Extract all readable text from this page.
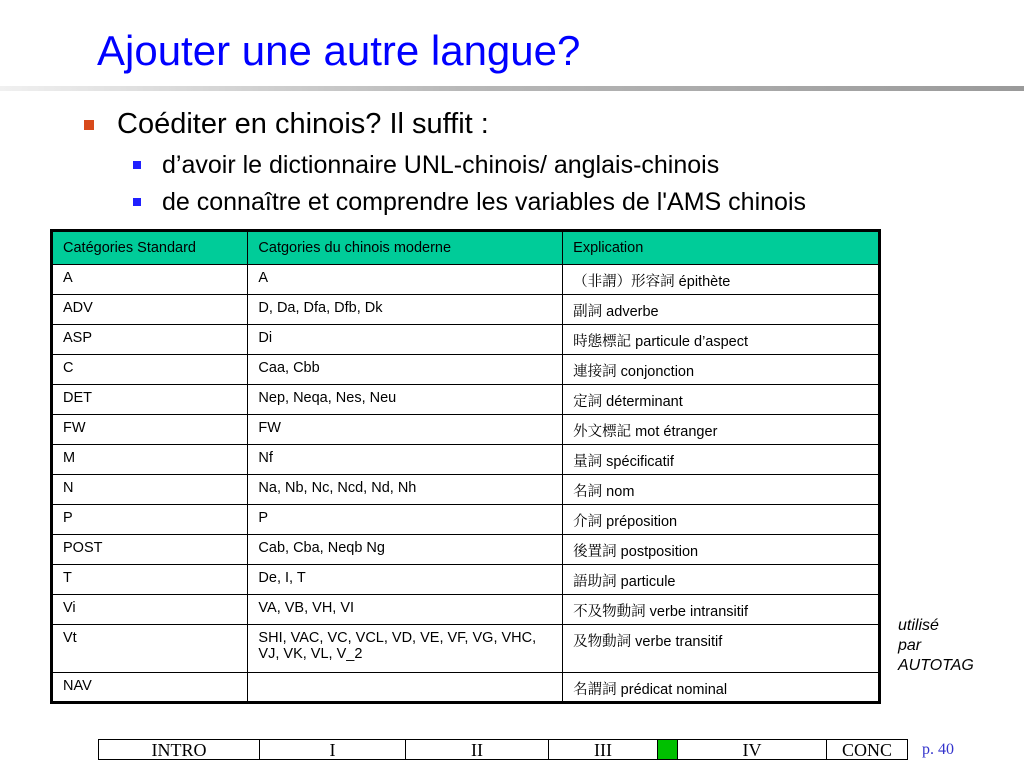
Ajouter une autre langue?
Coéditer en chinois? Il suffit :
d’avoir le dictionnaire UNL-chinois/ anglais-chinois
de connaître et comprendre les variables de l'AMS chinois
Catégories Standard	Catgories du chinois moderne	Explication
A	A	（非謂）形容詞 épithète
ADV	D, Da, Dfa, Dfb, Dk	副詞 adverbe
ASP	Di	時態標記 particule d’aspect
C	Caa, Cbb	連接詞 conjonction
DET	Nep, Neqa, Nes, Neu	定詞 déterminant
FW	FW	外文標記 mot étranger
M	Nf	量詞 spécificatif
N	Na, Nb, Nc, Ncd, Nd, Nh	名詞 nom
P	P	介詞 préposition
POST	Cab, Cba, Neqb Ng	後置詞 postposition
T	De, I, T	語助詞 particule
Vi	VA, VB, VH, VI	不及物動詞 verbe intransitif
Vt	SHI, VAC, VC, VCL, VD, VE, VF, VG, VHC, VJ, VK, VL, V_2	及物動詞 verbe transitif
NAV		名謂詞 prédicat nominal
utilisé
par
AUTOTAG
INTRO	I	II	III	IV	CONC	p. 40
